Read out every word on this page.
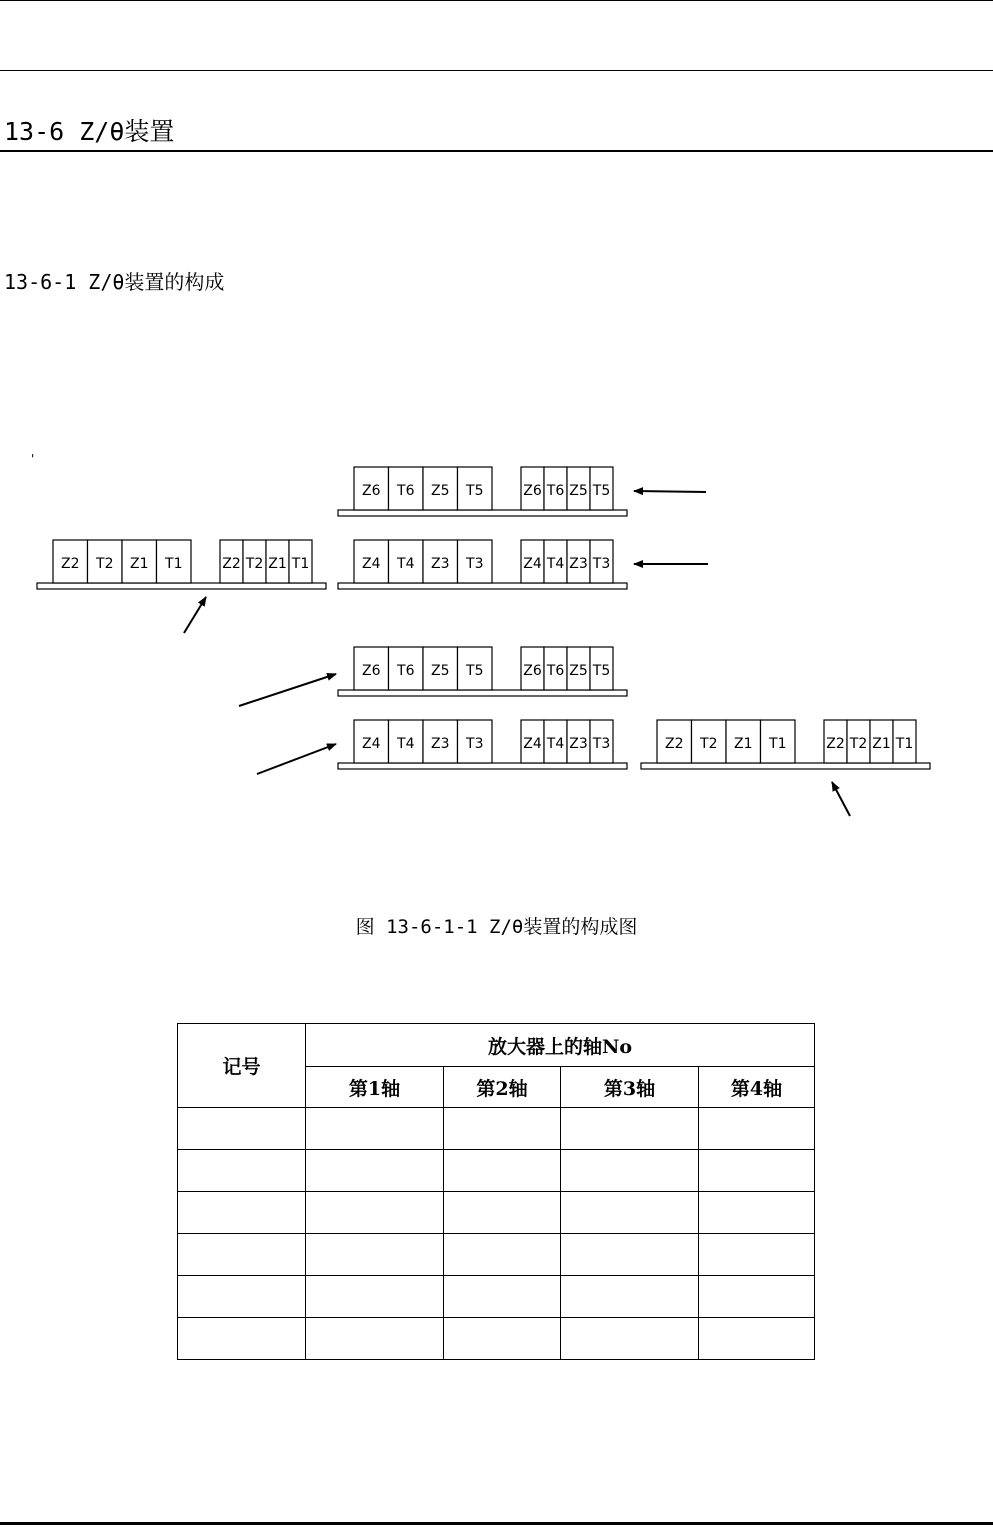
13-6 Z/θ装置
13-6-1 Z/θ装置的构成
'
Z6 T6 Z5 T5	Z6 T6 Z5 T5
Z4 T4 Z3 T3	Z4 T4 Z3 T3
Z2 T2 Z1 T1	Z2 T2 Z1 T1
Z6 T6 Z5 T5	Z6 T6 Z5 T5
Z4 T4 Z3 T3	Z4 T4 Z3 T3	Z2 T2 Z1 T1	Z2 T2 Z1 T1
图 13-6-1-1 Z/θ装置的构成图
记号	放大器上的轴No			
	第1轴	第2轴	第3轴	第4轴
